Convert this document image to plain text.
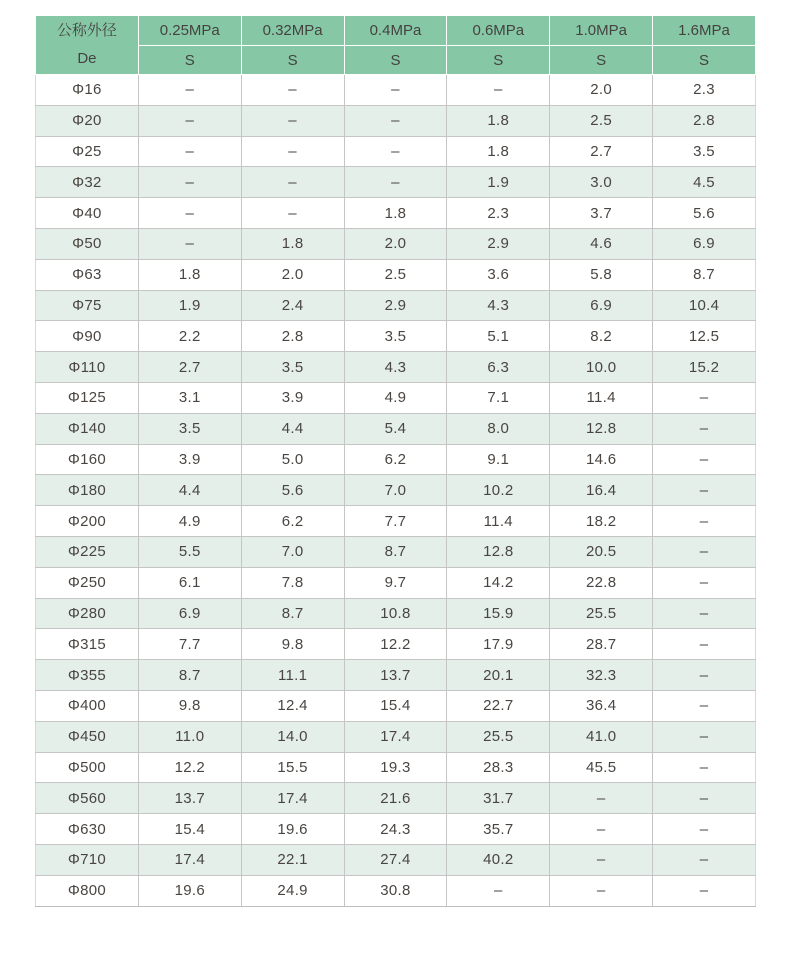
公称外径
De	0.25MPa	0.32MPa	0.4MPa	0.6MPa	1.0MPa	1.6MPa
	S	S	S	S	S	S
Φ16	–	–	–	–	2.0	2.3
Φ20	–	–	–	1.8	2.5	2.8
Φ25	–	–	–	1.8	2.7	3.5
Φ32	–	–	–	1.9	3.0	4.5
Φ40	–	–	1.8	2.3	3.7	5.6
Φ50	–	1.8	2.0	2.9	4.6	6.9
Φ63	1.8	2.0	2.5	3.6	5.8	8.7
Φ75	1.9	2.4	2.9	4.3	6.9	10.4
Φ90	2.2	2.8	3.5	5.1	8.2	12.5
Φ110	2.7	3.5	4.3	6.3	10.0	15.2
Φ125	3.1	3.9	4.9	7.1	11.4	–
Φ140	3.5	4.4	5.4	8.0	12.8	–
Φ160	3.9	5.0	6.2	9.1	14.6	–
Φ180	4.4	5.6	7.0	10.2	16.4	–
Φ200	4.9	6.2	7.7	11.4	18.2	–
Φ225	5.5	7.0	8.7	12.8	20.5	–
Φ250	6.1	7.8	9.7	14.2	22.8	–
Φ280	6.9	8.7	10.8	15.9	25.5	–
Φ315	7.7	9.8	12.2	17.9	28.7	–
Φ355	8.7	11.1	13.7	20.1	32.3	–
Φ400	9.8	12.4	15.4	22.7	36.4	–
Φ450	11.0	14.0	17.4	25.5	41.0	–
Φ500	12.2	15.5	19.3	28.3	45.5	–
Φ560	13.7	17.4	21.6	31.7	–	–
Φ630	15.4	19.6	24.3	35.7	–	–
Φ710	17.4	22.1	27.4	40.2	–	–
Φ800	19.6	24.9	30.8	–	–	–
